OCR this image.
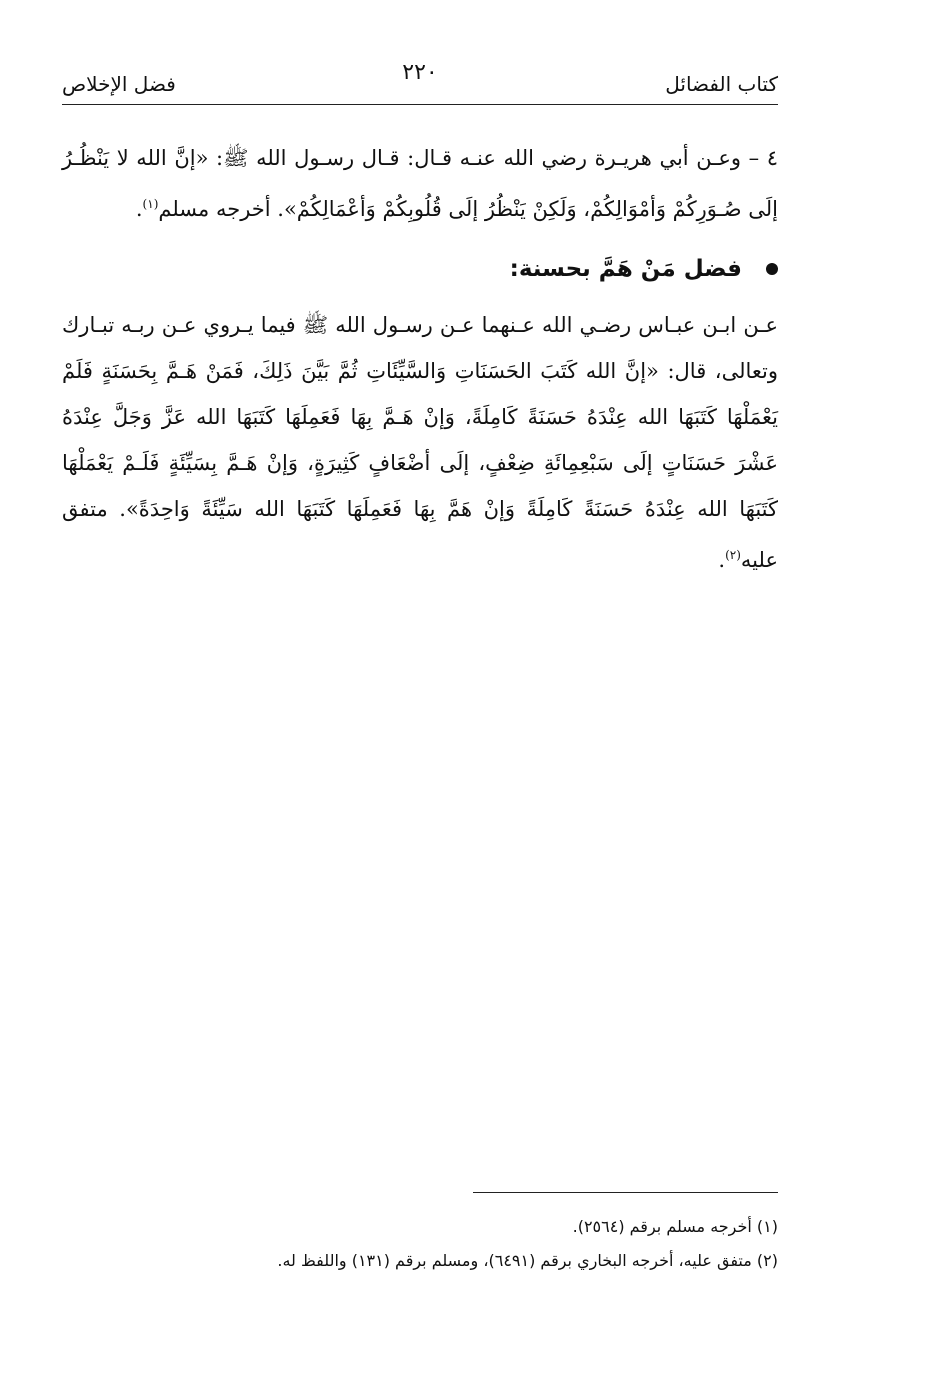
كتاب الفضائل
٢٢٠
فضل الإخلاص

٤ – وعـن أبي هريـرة رضي الله عنـه قـال: قـال رسـول الله ﷺ: «إنَّ الله لا يَنْظُـرُ إلَى صُـوَرِكُمْ وَأمْوَالِكُمْ، وَلَكِنْ يَنْظُرُ إلَى قُلُوبِكُمْ وَأعْمَالِكُمْ». أخرجه مسلم$^{(١)}$.

فضل مَنْ هَمَّ بحسنة:

عـن ابـن عبـاس رضـي الله عـنهما عـن رسـول الله ﷺ فيما يـروي عـن ربـه تبـارك وتعالى، قال: «إنَّ الله كَتَبَ الحَسَنَاتِ وَالسَّيِّئَاتِ ثُمَّ بَيَّنَ ذَلِكَ، فَمَنْ هَـمَّ بِحَسَنَةٍ فَلَمْ يَعْمَلْهَا كَتَبَهَا الله عِنْدَهُ حَسَنَةً كَامِلَةً، وَإنْ هَـمَّ بِهَا فَعَمِلَهَا كَتَبَهَا الله عَزَّ وَجَلَّ عِنْدَهُ عَشْرَ حَسَنَاتٍ إلَى سَبْعِمِائَةِ ضِعْفٍ، إلَى أضْعَافٍ كَثِيرَةٍ، وَإنْ هَـمَّ بِسَيِّئَةٍ فَلَـمْ يَعْمَلْهَا كَتَبَهَا الله عِنْدَهُ حَسَنَةً كَامِلَةً وَإنْ هَمَّ بِهَا فَعَمِلَهَا كَتَبَهَا الله سَيِّئَةً وَاحِدَةً». متفق عليه$^{(٢)}$.

(١) أخرجه مسلم برقم (٢٥٦٤).

(٢) متفق عليه، أخرجه البخاري برقم (٦٤٩١)، ومسلم برقم (١٣١) واللفظ له.
